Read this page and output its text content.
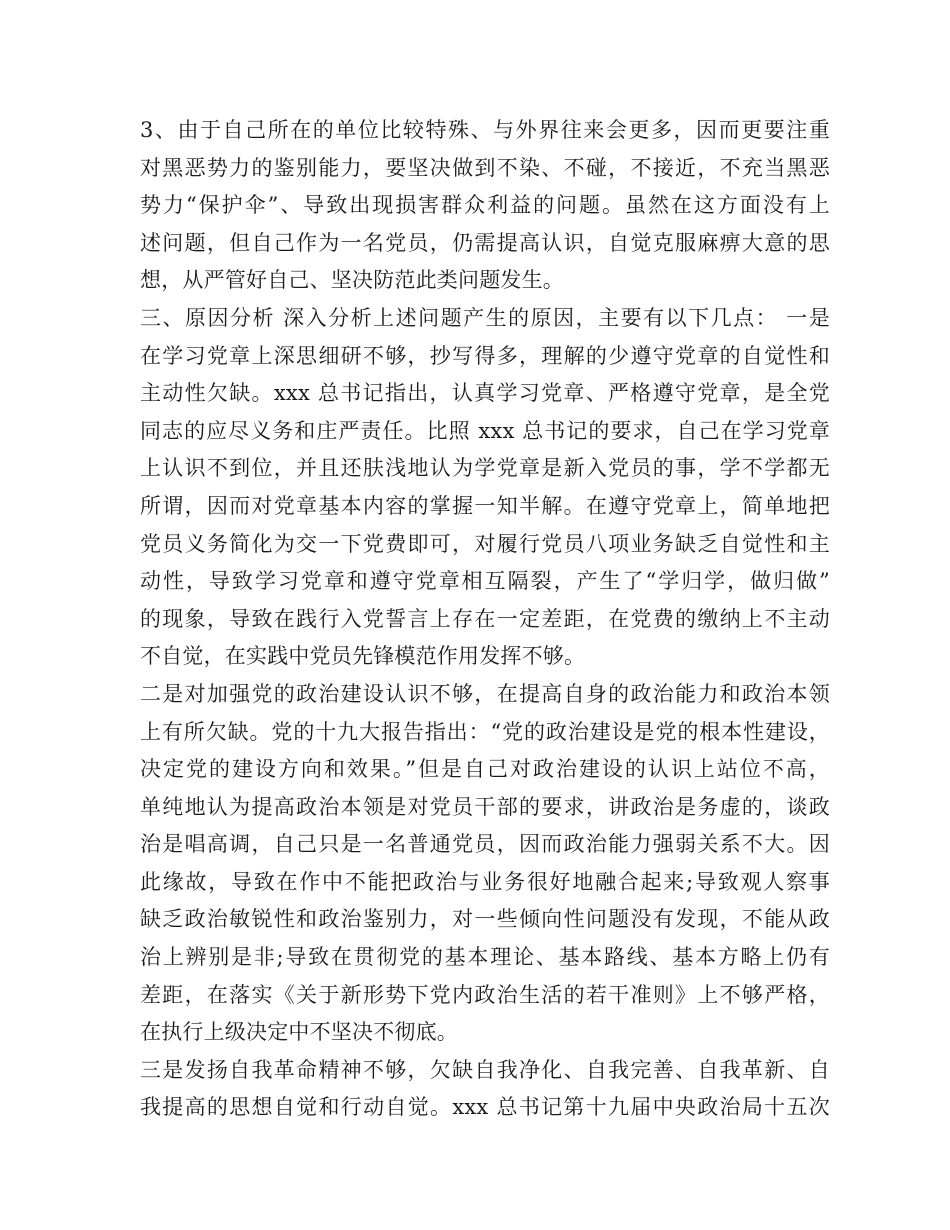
3、由于自己所在的单位比较特殊、与外界往来会更多，因而更要注重
对黑恶势力的鉴别能力，要坚决做到不染、不碰，不接近，不充当黑恶
势力“保护伞”、导致出现损害群众利益的问题。虽然在这方面没有上
述问题，但自己作为一名党员，仍需提高认识，自觉克服麻痹大意的思
想，从严管好自己、坚决防范此类问题发生。
三、原因分析 深入分析上述问题产生的原因，主要有以下几点： 一是
在学习党章上深思细研不够，抄写得多，理解的少遵守党章的自觉性和
主动性欠缺。xxx 总书记指出，认真学习党章、严格遵守党章，是全党
同志的应尽义务和庄严责任。比照 xxx 总书记的要求，自己在学习党章
上认识不到位，并且还肤浅地认为学党章是新入党员的事，学不学都无
所谓，因而对党章基本内容的掌握一知半解。在遵守党章上，简单地把
党员义务简化为交一下党费即可，对履行党员八项业务缺乏自觉性和主
动性，导致学习党章和遵守党章相互隔裂，产生了“学归学，做归做”
的现象，导致在践行入党誓言上存在一定差距，在党费的缴纳上不主动
不自觉，在实践中党员先锋模范作用发挥不够。
二是对加强党的政治建设认识不够，在提高自身的政治能力和政治本领
上有所欠缺。党的十九大报告指出：“党的政治建设是党的根本性建设，
决定党的建设方向和效果。”但是自己对政治建设的认识上站位不高，
单纯地认为提高政治本领是对党员干部的要求，讲政治是务虚的，谈政
治是唱高调，自己只是一名普通党员，因而政治能力强弱关系不大。因
此缘故，导致在作中不能把政治与业务很好地融合起来;导致观人察事
缺乏政治敏锐性和政治鉴别力，对一些倾向性问题没有发现，不能从政
治上辨别是非;导致在贯彻党的基本理论、基本路线、基本方略上仍有
差距，在落实《关于新形势下党内政治生活的若干准则》上不够严格，
在执行上级决定中不坚决不彻底。
三是发扬自我革命精神不够，欠缺自我净化、自我完善、自我革新、自
我提高的思想自觉和行动自觉。xxx 总书记第十九届中央政治局十五次
